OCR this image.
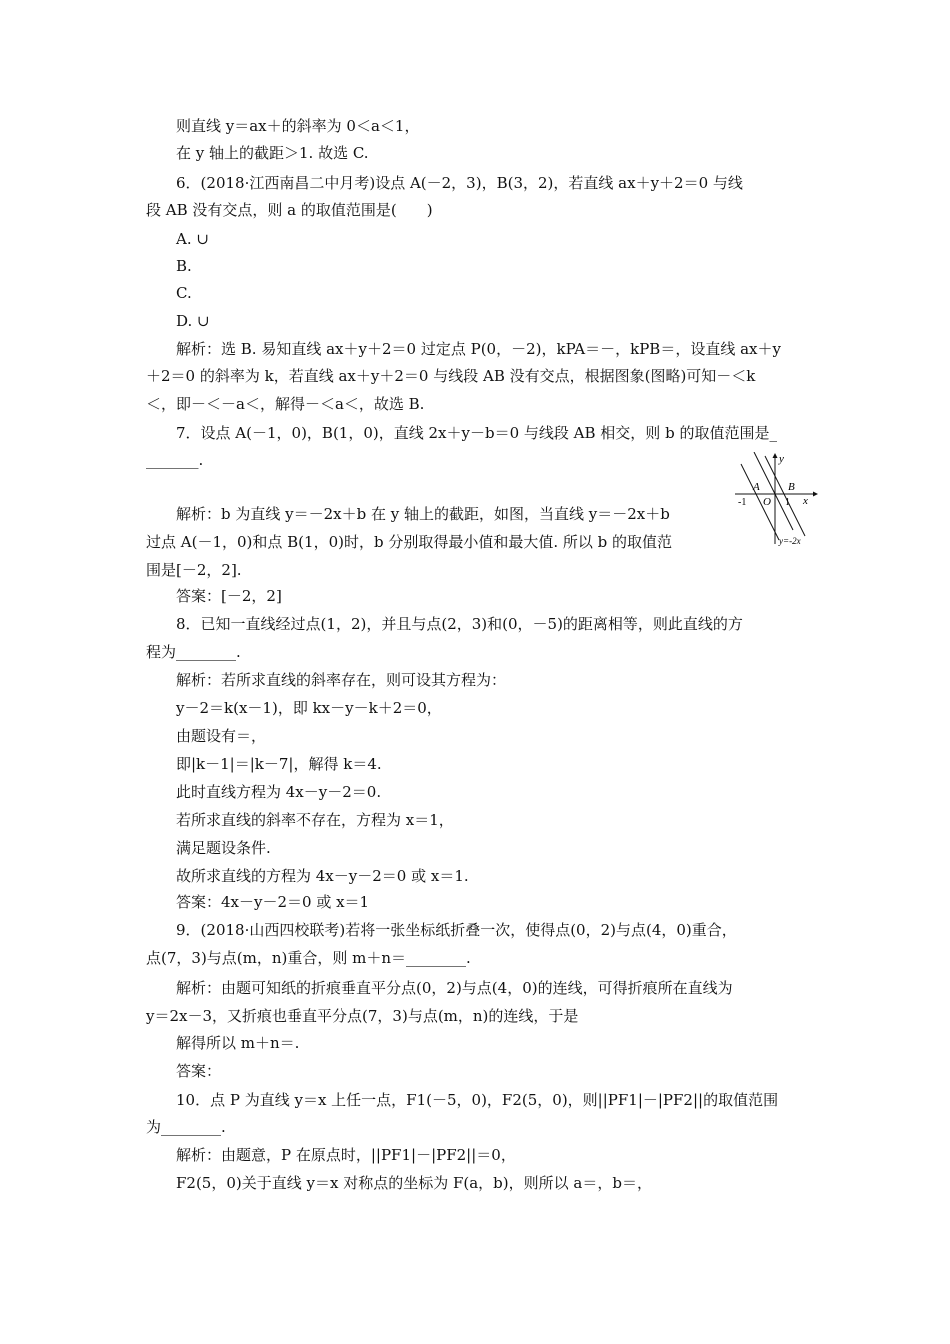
则直线 y＝ax＋的斜率为 0＜a＜1，
在 y 轴上的截距＞1. 故选 C.
6．(2018·江西南昌二中月考)设点 A(－2，3)，B(3，2)，若直线 ax＋y＋2＝0 与线
段 AB 没有交点，则 a 的取值范围是(　　)
A. ∪
B.
C.
D. ∪
解析：选 B. 易知直线 ax＋y＋2＝0 过定点 P(0，－2)，kPA＝－，kPB＝，设直线 ax＋y
＋2＝0 的斜率为 k，若直线 ax＋y＋2＝0 与线段 AB 没有交点，根据图象(图略)可知－＜k
＜，即－＜－a＜，解得－＜a＜，故选 B.
7．设点 A(－1，0)，B(1，0)，直线 2x＋y－b＝0 与线段 AB 相交，则 b 的取值范围是_
_______.
解析：b 为直线 y＝－2x＋b 在 y 轴上的截距，如图，当直线 y＝－2x＋b
过点 A(－1，0)和点 B(1，0)时，b 分别取得最小值和最大值. 所以 b 的取值范
围是[－2，2].
答案：[－2，2]
8．已知一直线经过点(1，2)，并且与点(2，3)和(0，－5)的距离相等，则此直线的方
程为________.
解析：若所求直线的斜率存在，则可设其方程为：
y－2＝k(x－1)，即 kx－y－k＋2＝0，
由题设有＝，
即|k－1|＝|k－7|，解得 k＝4.
此时直线方程为 4x－y－2＝0.
若所求直线的斜率不存在，方程为 x＝1，
满足题设条件.
故所求直线的方程为 4x－y－2＝0 或 x＝1.
答案：4x－y－2＝0 或 x＝1
9．(2018·山西四校联考)若将一张坐标纸折叠一次，使得点(0，2)与点(4，0)重合，
点(7，3)与点(m，n)重合，则 m＋n＝________.
解析：由题可知纸的折痕垂直平分点(0，2)与点(4，0)的连线，可得折痕所在直线为
y＝2x－3，又折痕也垂直平分点(7，3)与点(m，n)的连线，于是
解得所以 m＋n＝.
答案：
10．点 P 为直线 y＝x 上任一点，F1(－5，0)，F2(5，0)，则||PF1|－|PF2||的取值范围
为________.
解析：由题意，P 在原点时，||PF1|－|PF2||＝0，
F2(5，0)关于直线 y＝x 对称点的坐标为 F(a，b)，则所以 a＝，b＝，
y
A	B
x
-1 O 1
y=-2x
